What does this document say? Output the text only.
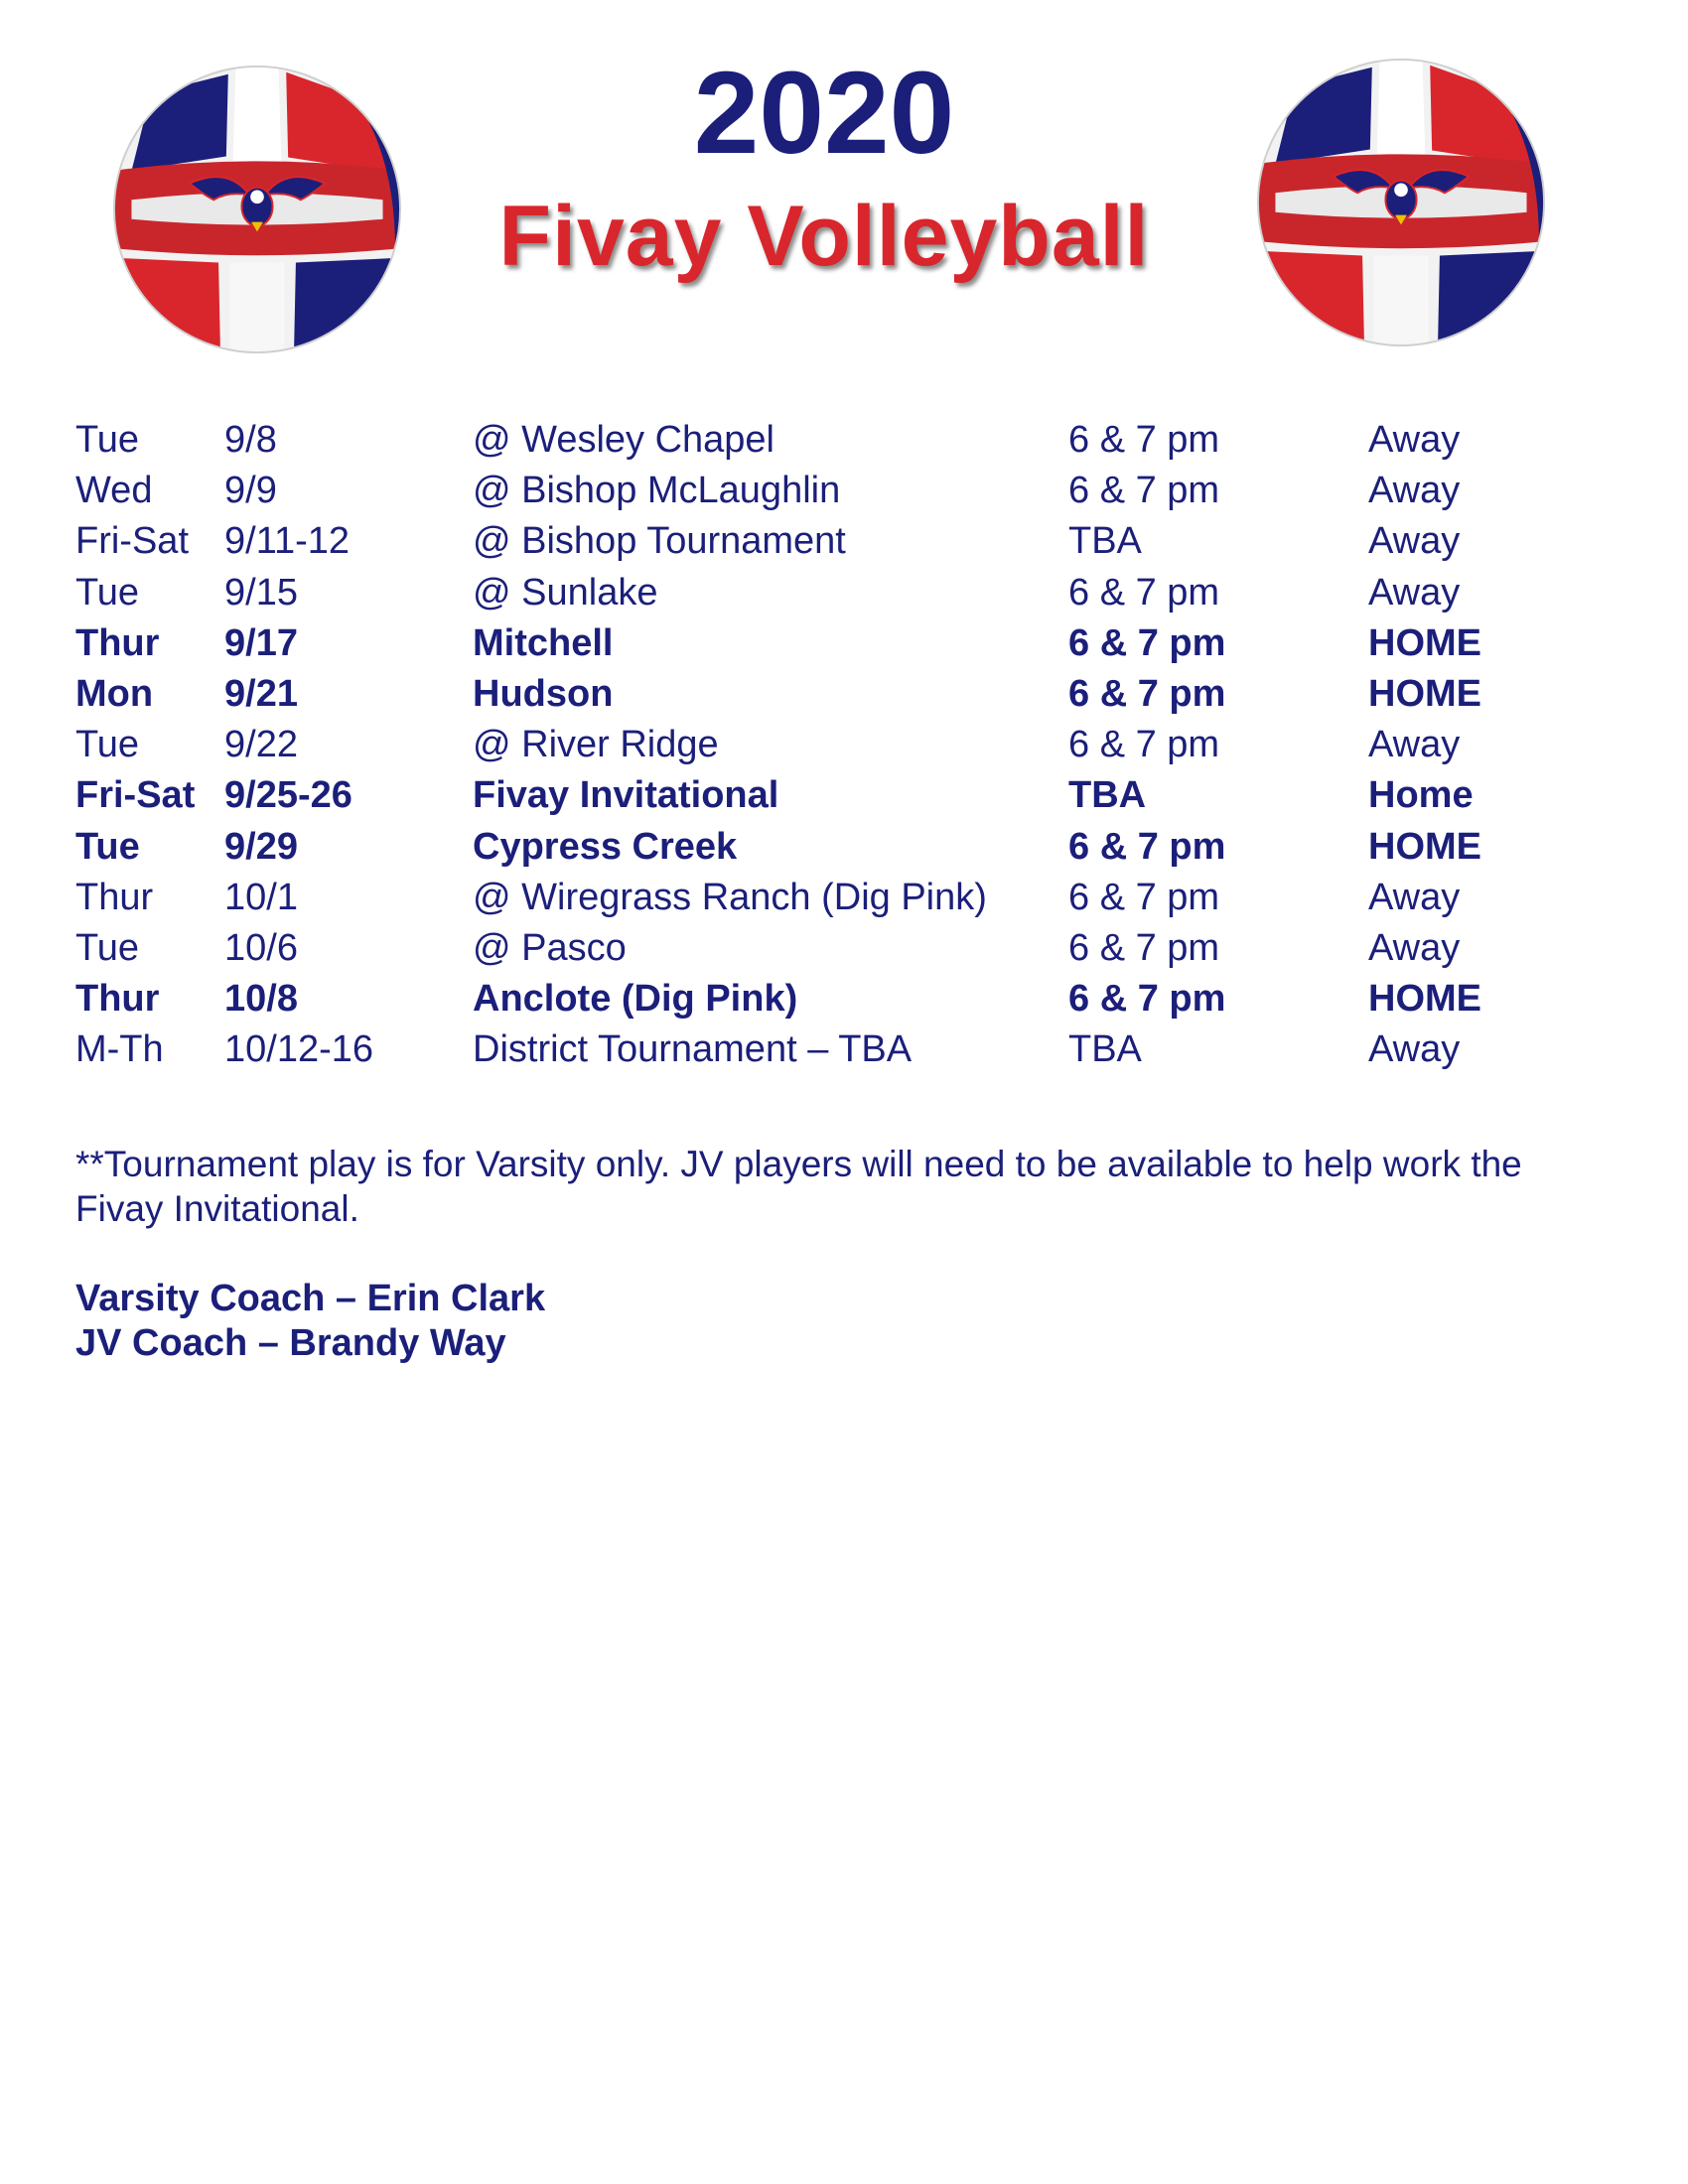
2020
Fivay Volleyball
Tue 9/8	@ Wesley Chapel	6 & 7 pm	Away
Wed 9/9	@ Bishop McLaughlin	6 & 7 pm	Away
Fri-Sat 9/11-12	@ Bishop Tournament	TBA	Away
Tue 9/15	@ Sunlake	6 & 7 pm	Away
Thur 9/17	Mitchell	6 & 7 pm	HOME
Mon 9/21	Hudson	6 & 7 pm	HOME
Tue 9/22	@ River Ridge	6 & 7 pm	Away
Fri-Sat 9/25-26	Fivay Invitational	TBA	Home
Tue 9/29	Cypress Creek	6 & 7 pm	HOME
Thur 10/1	@ Wiregrass Ranch (Dig Pink) 6 & 7 pm	Away
Tue 10/6	@ Pasco	6 & 7 pm	Away
Thur 10/8	Anclote (Dig Pink)	6 & 7 pm	HOME
M-Th 10/12-16	District Tournament – TBA	TBA	Away
**Tournament play is for Varsity only. JV players will need to be available to help work the Fivay Invitational.
Varsity Coach – Erin Clark
JV Coach – Brandy Way
